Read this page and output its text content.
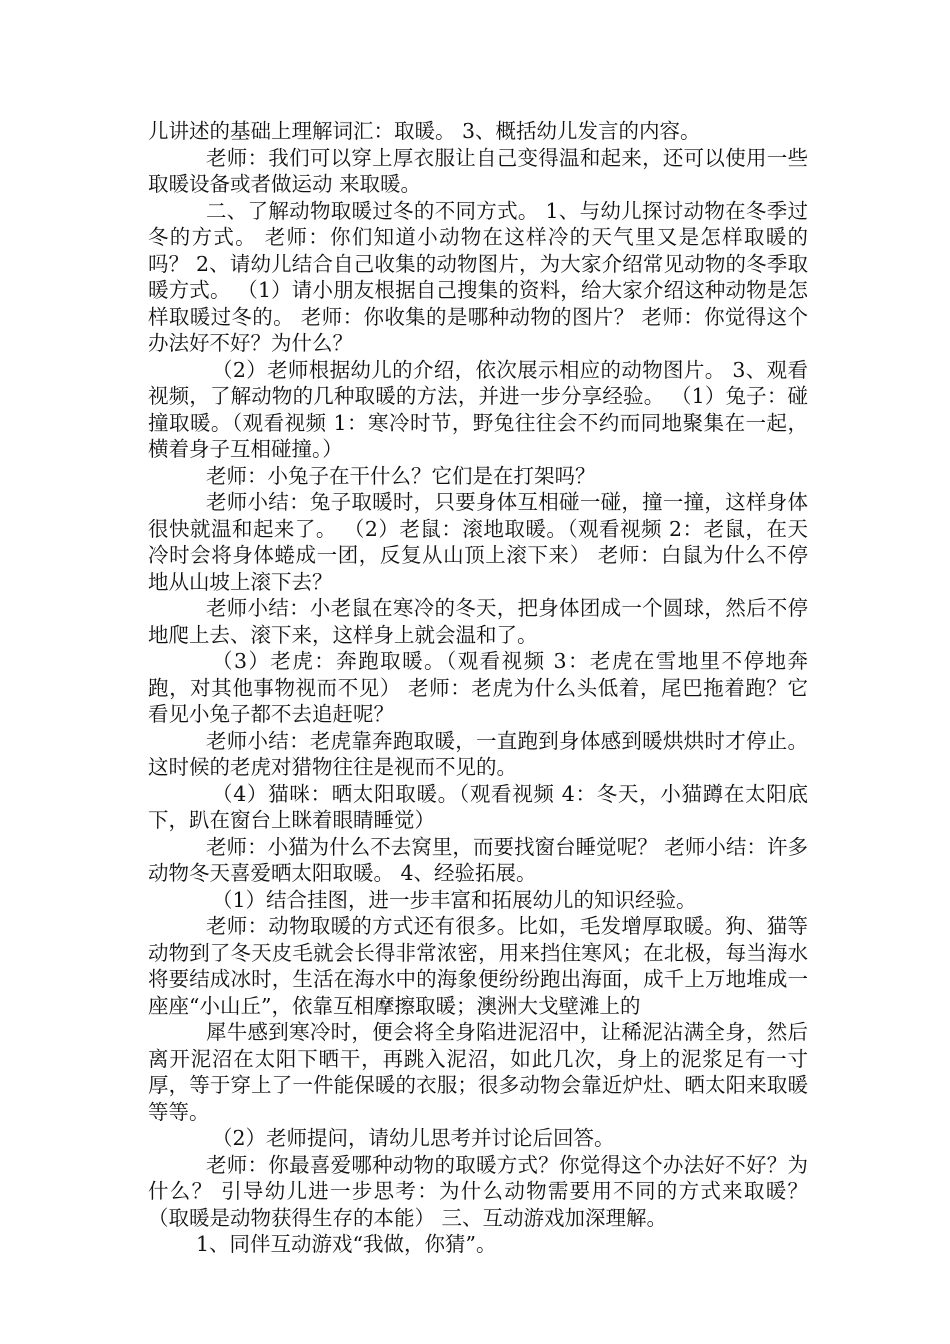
儿讲述的基础上理解词汇：取暖。 3、概括幼儿发言的内容。

老师：我们可以穿上厚衣服让自己变得温和起来，还可以使用一些取暖设备或者做运动 来取暖。

二、了解动物取暖过冬的不同方式。 1、与幼儿探讨动物在冬季过冬的方式。 老师：你们知道小动物在这样冷的天气里又是怎样取暖的吗？ 2、请幼儿结合自己收集的动物图片，为大家介绍常见动物的冬季取暖方式。 （1）请小朋友根据自己搜集的资料，给大家介绍这种动物是怎样取暖过冬的。 老师：你收集的是哪种动物的图片？ 老师：你觉得这个办法好不好？为什么？

（2）老师根据幼儿的介绍，依次展示相应的动物图片。 3、观看视频，了解动物的几种取暖的方法，并进一步分享经验。 （1）兔子：碰撞取暖。（观看视频 1：寒冷时节，野兔往往会不约而同地聚集在一起，横着身子互相碰撞。）

老师：小兔子在干什么？它们是在打架吗？

老师小结：兔子取暖时，只要身体互相碰一碰，撞一撞，这样身体很快就温和起来了。 （2）老鼠：滚地取暖。（观看视频 2：老鼠，在天冷时会将身体蜷成一团，反复从山顶上滚下来） 老师：白鼠为什么不停地从山坡上滚下去？

老师小结：小老鼠在寒冷的冬天，把身体团成一个圆球，然后不停地爬上去、滚下来，这样身上就会温和了。

（3）老虎：奔跑取暖。（观看视频 3：老虎在雪地里不停地奔跑，对其他事物视而不见） 老师：老虎为什么头低着，尾巴拖着跑？它看见小兔子都不去追赶呢？

老师小结：老虎靠奔跑取暖，一直跑到身体感到暖烘烘时才停止。这时候的老虎对猎物往往是视而不见的。

（4）猫咪：晒太阳取暖。（观看视频 4：冬天，小猫蹲在太阳底下，趴在窗台上眯着眼睛睡觉）

老师：小猫为什么不去窝里，而要找窗台睡觉呢？ 老师小结：许多动物冬天喜爱晒太阳取暖。 4、经验拓展。

（1）结合挂图，进一步丰富和拓展幼儿的知识经验。

老师：动物取暖的方式还有很多。比如，毛发增厚取暖。狗、猫等动物到了冬天皮毛就会长得非常浓密，用来挡住寒风；在北极，每当海水将要结成冰时，生活在海水中的海象便纷纷跑出海面，成千上万地堆成一座座“小山丘”，依靠互相摩擦取暖；澳洲大戈壁滩上的

犀牛感到寒冷时，便会将全身陷进泥沼中，让稀泥沾满全身，然后离开泥沼在太阳下晒干，再跳入泥沼，如此几次，身上的泥浆足有一寸厚，等于穿上了一件能保暖的衣服；很多动物会靠近炉灶、晒太阳来取暖等等。

（2）老师提问，请幼儿思考并讨论后回答。

老师：你最喜爱哪种动物的取暖方式？你觉得这个办法好不好？为什么？ 引导幼儿进一步思考：为什么动物需要用不同的方式来取暖？（取暖是动物获得生存的本能） 三、互动游戏加深理解。

1、同伴互动游戏“我做，你猜”。
